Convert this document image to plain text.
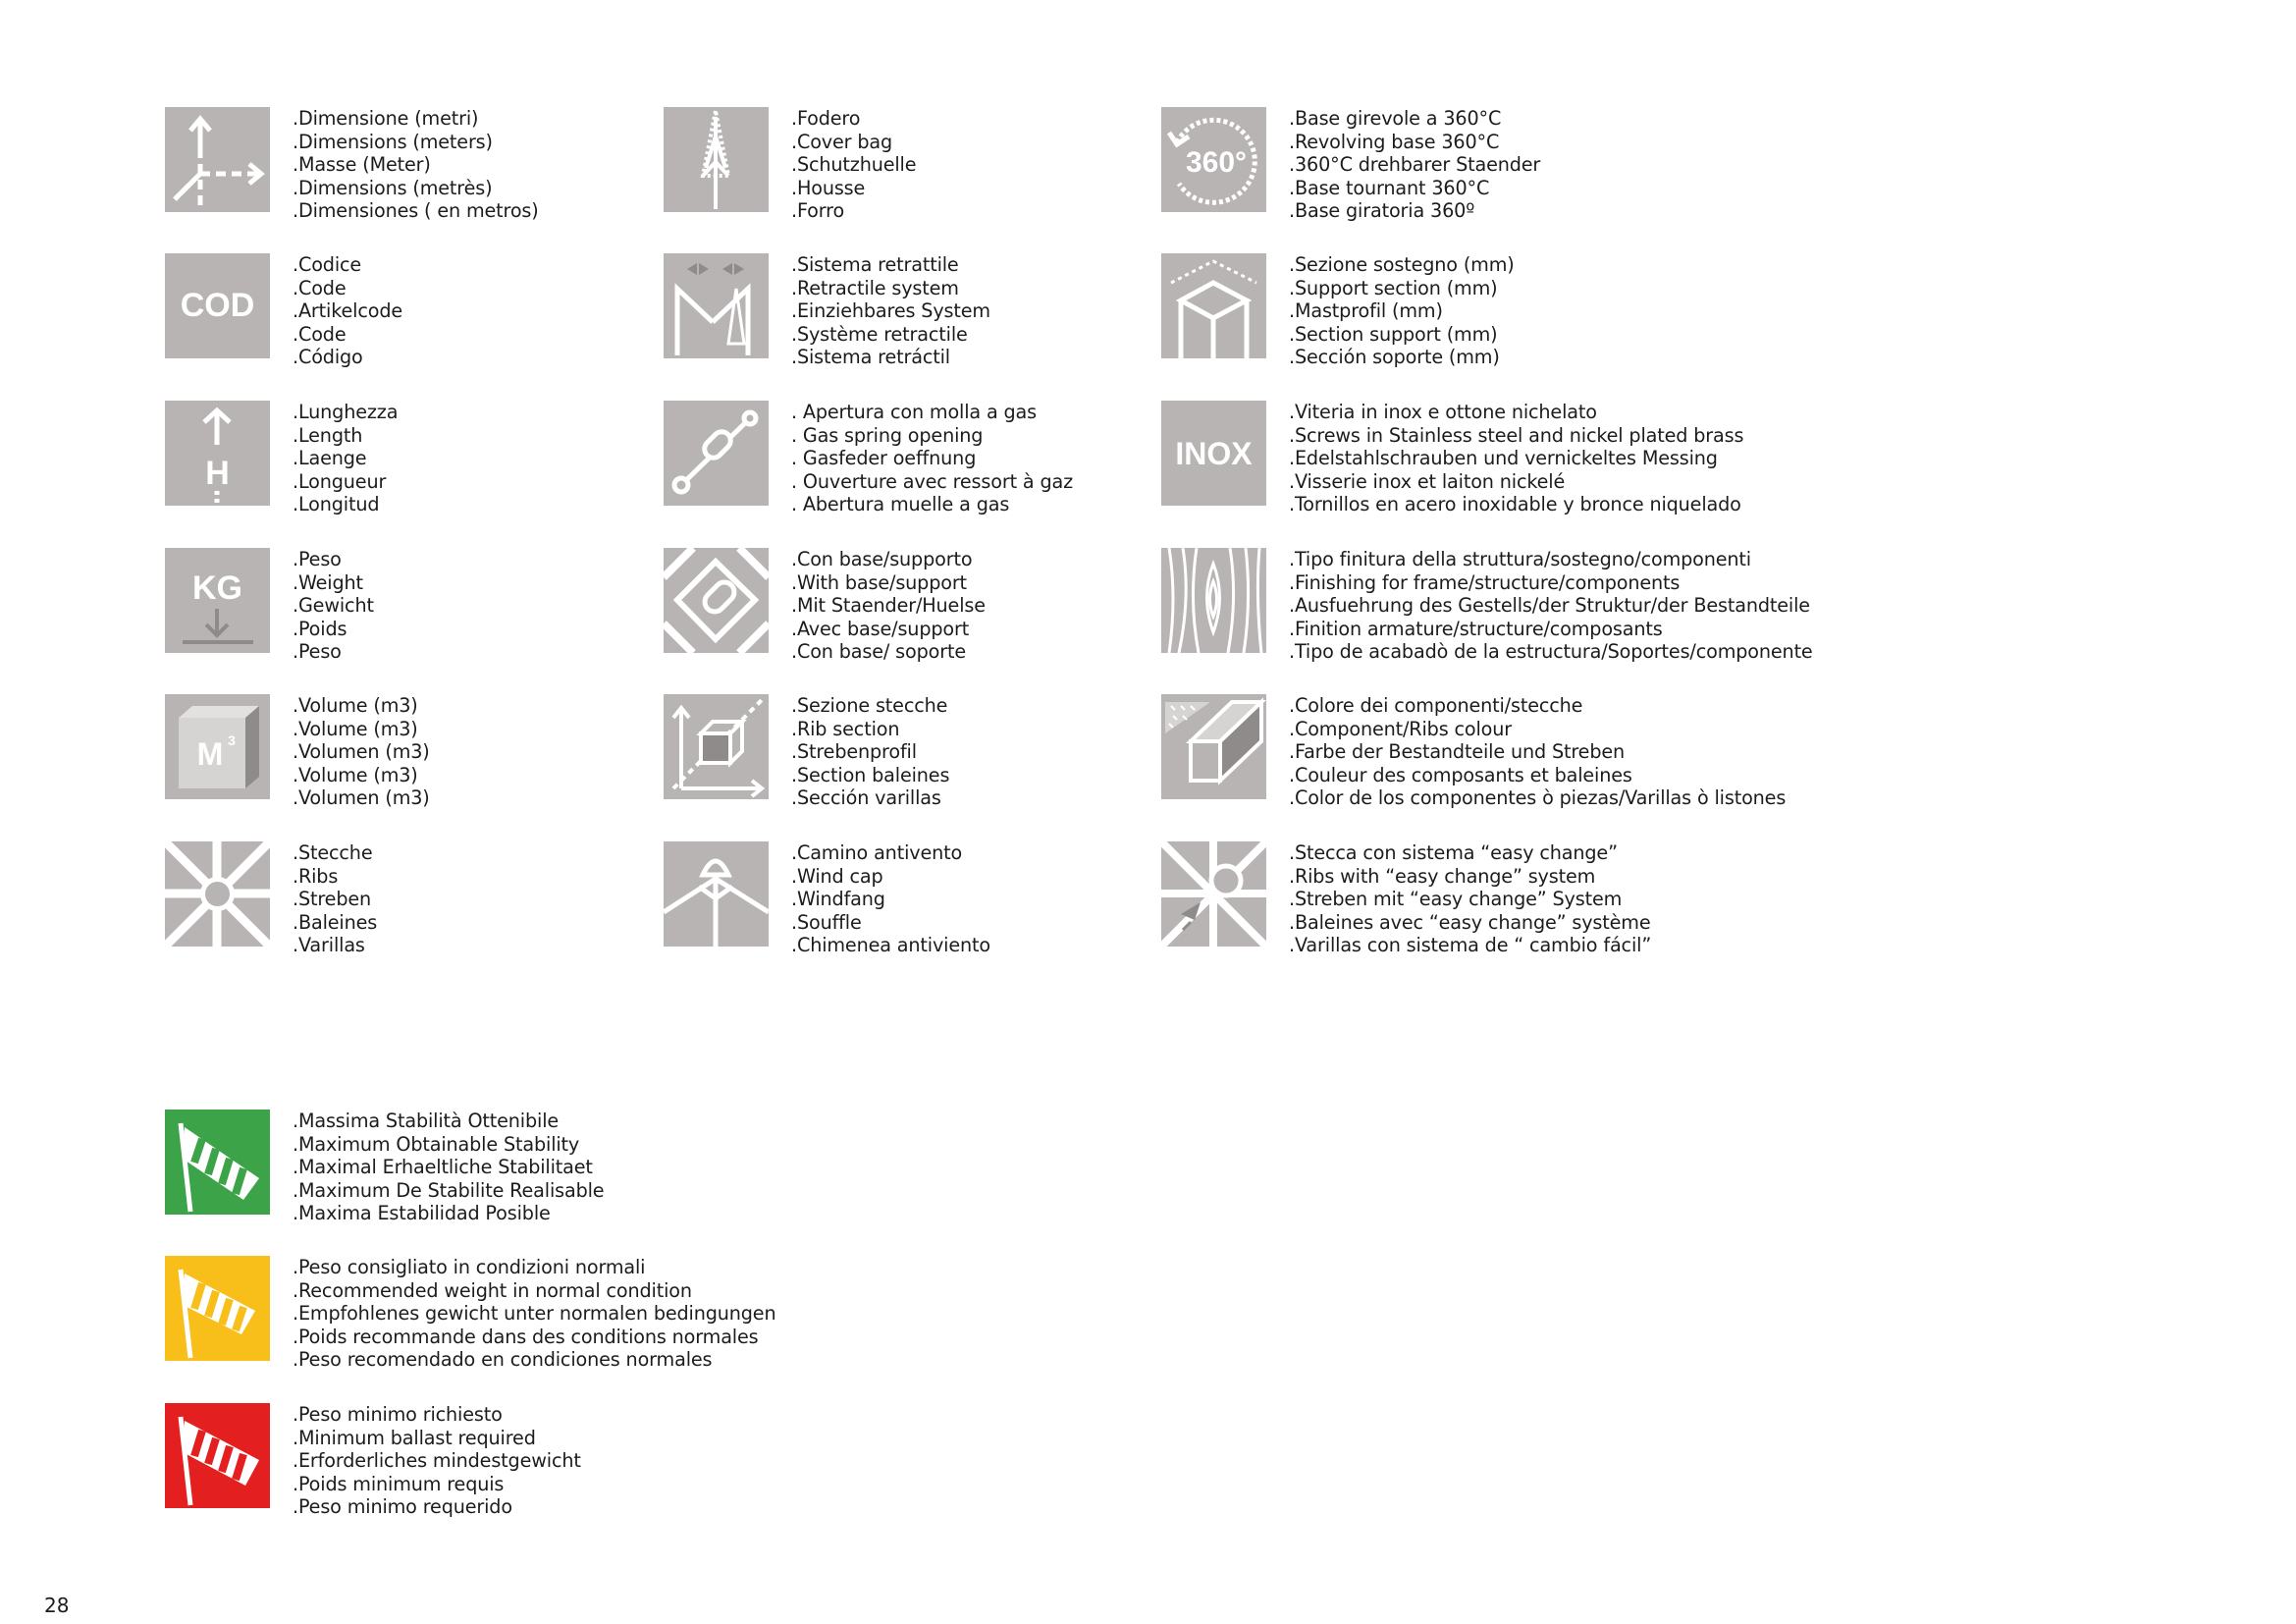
.Dimensione (metri)
.Dimensions (meters)
.Masse (Meter)
.Dimensions (metrès)
.Dimensiones ( en metros)
COD
.Codice
.Code
.Artikelcode
.Code
.Código
H
.Lunghezza
.Length
.Laenge
.Longueur
.Longitud
KG
.Peso
.Weight
.Gewicht
.Poids
.Peso
M 3
.Volume (m3)
.Volume (m3)
.Volumen (m3)
.Volume (m3)
.Volumen (m3)
.Stecche
.Ribs
.Streben
.Baleines
.Varillas
.Fodero
.Cover bag
.Schutzhuelle
.Housse
.Forro
.Sistema retrattile
.Retractile system
.Einziehbares System
.Système retractile
.Sistema retráctil
. Apertura con molla a gas
. Gas spring opening
. Gasfeder oeffnung
. Ouverture avec ressort à gaz
. Abertura muelle a gas
.Con base/supporto
.With base/support
.Mit Staender/Huelse
.Avec base/support
.Con base/ soporte
.Sezione stecche
.Rib section
.Strebenprofil
.Section baleines
.Sección varillas
.Camino antivento
.Wind cap
.Windfang
.Souffle
.Chimenea antiviento
360°
.Base girevole a 360°C
.Revolving base 360°C
.360°C drehbarer Staender
.Base tournant 360°C
.Base giratoria 360º
.Sezione sostegno (mm)
.Support section (mm)
.Mastprofil (mm)
.Section support (mm)
.Sección soporte (mm)
INOX
.Viteria in inox e ottone nichelato
.Screws in Stainless steel and nickel plated brass
.Edelstahlschrauben und vernickeltes Messing
.Visserie inox et laiton nickelé
.Tornillos en acero inoxidable y bronce niquelado
.Tipo finitura della struttura/sostegno/componenti
.Finishing for frame/structure/components
.Ausfuehrung des Gestells/der Struktur/der Bestandteile
.Finition armature/structure/composants
.Tipo de acabadò de la estructura/Soportes/componente
.Colore dei componenti/stecche
.Component/Ribs colour
.Farbe der Bestandteile und Streben
.Couleur des composants et baleines
.Color de los componentes ò piezas/Varillas ò listones
.Stecca con sistema “easy change”
.Ribs with “easy change” system
.Streben mit “easy change” System
.Baleines avec “easy change” système
.Varillas con sistema de “ cambio fácil”
.Massima Stabilità Ottenibile
.Maximum Obtainable Stability
.Maximal Erhaeltliche Stabilitaet
.Maximum De Stabilite Realisable
.Maxima Estabilidad Posible
.Peso consigliato in condizioni normali
.Recommended weight in normal condition
.Empfohlenes gewicht unter normalen bedingungen
.Poids recommande dans des conditions normales
.Peso recomendado en condiciones normales
.Peso minimo richiesto
.Minimum ballast required
.Erforderliches mindestgewicht
.Poids minimum requis
.Peso minimo requerido
28
